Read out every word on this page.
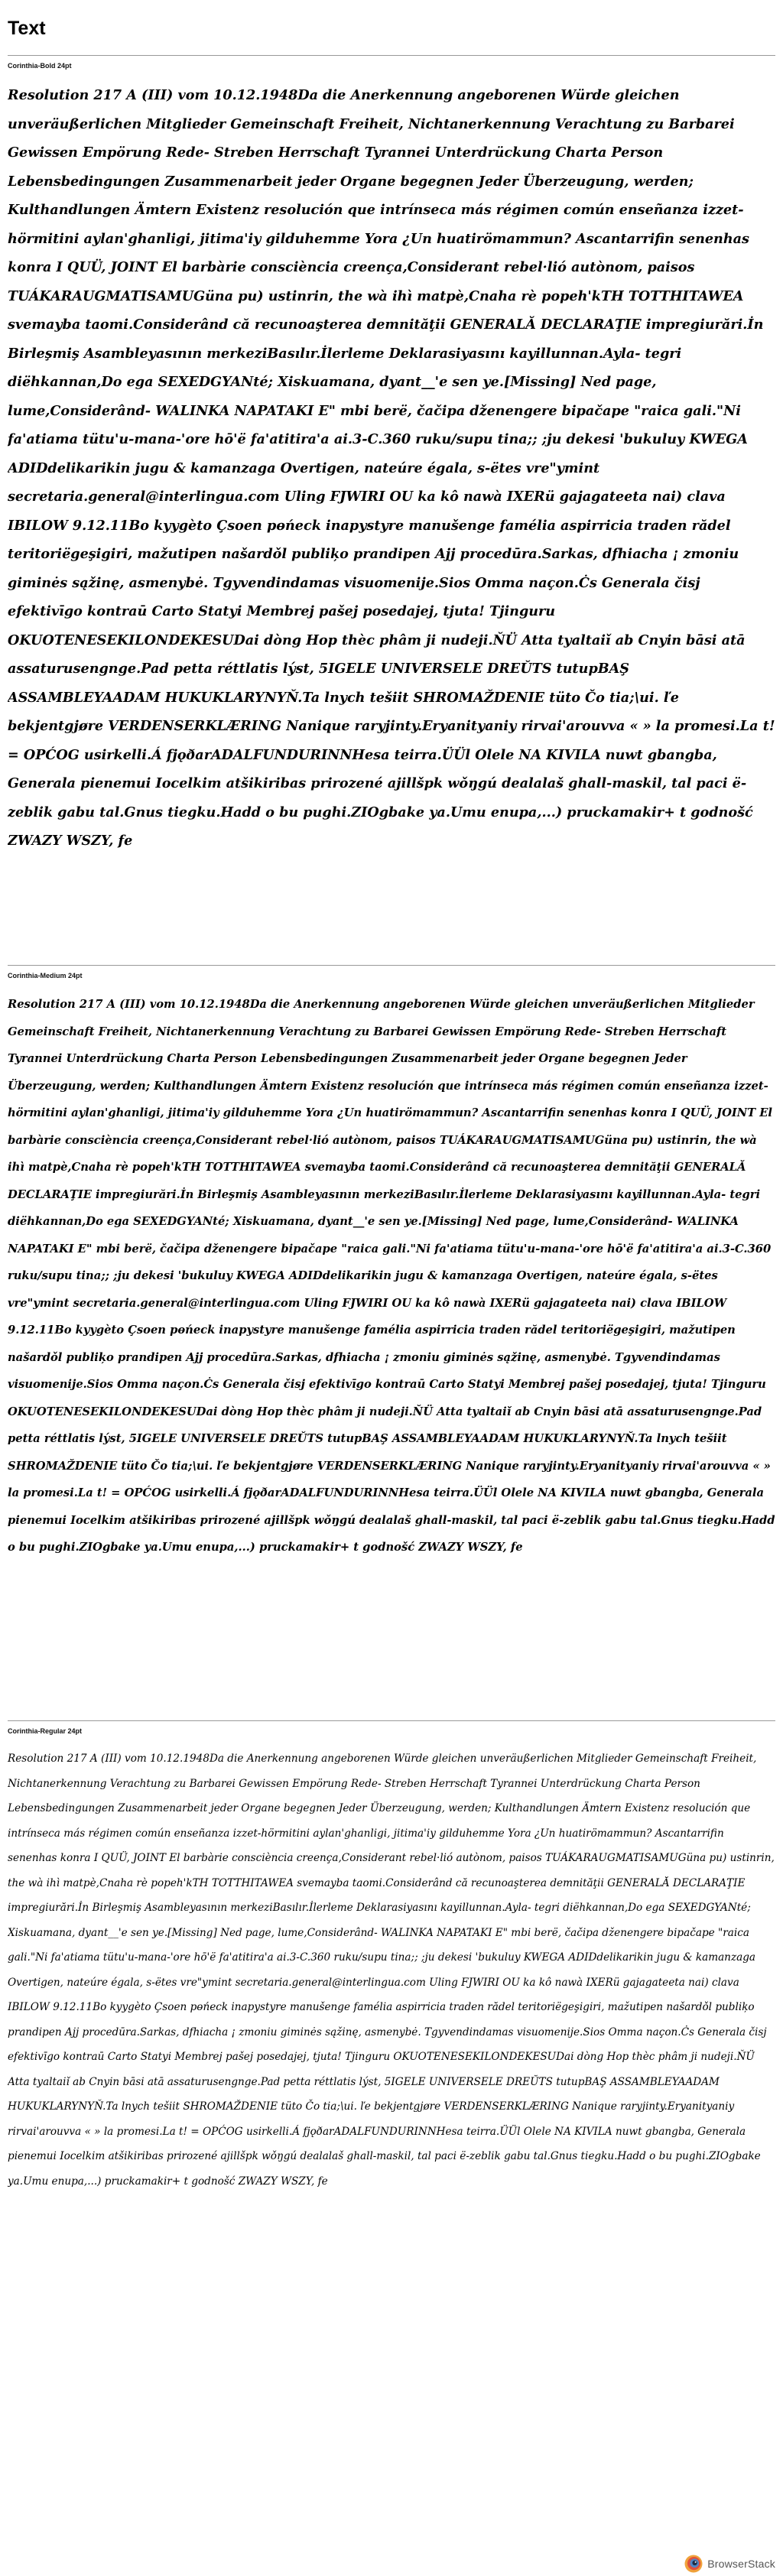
Text
Corinthia-Bold 24pt
Resolution 217 A (III) vom 10.12.1948Da die Anerkennung angeborenen Würde gleichen unveräußerlichen Mitglieder Gemeinschaft Freiheit, Nichtanerkennung Verachtung zu Barbarei Gewissen Empörung Rede- Streben Herrschaft Tyrannei Unterdrückung Charta Person Lebensbedingungen Zusammenarbeit jeder Organe begegnen Jeder Überzeugung, werden; Kulthandlungen Ämtern Existenz resolución que intrínseca más régimen común enseñanza izzet-hörmitini aylan'ghanligi, jitima'iy gilduhemme Yora ¿Un huatirömammun? Ascantarrifin senenhas konra I QUÜ, JOINT El barbàrie consciència creença,Considerant rebel·lió autònom, paisos TUÁKARAUGMATISAMUGüna pu) ustinrin, the wà ihì matpè,Cnaha rè popeh'kTH TOTTHITAWEA svemayba taomi.Considerând că recunoaşterea demnităţii GENERALĂ DECLARAŢIE impregiurări.İn Birleşmiş Asambleyasının merkeziBasılır.İlerleme Deklarasiyasını kayillunnan.Ayla- tegri diëhkannan,Do ega SEXEDGYANté; Xiskuamana, dyant__'e sen ye.[Missing] Ned page, lume,Considerând- WALINKA NAPATAKI E" mbi berë, čačipa dženengere bipačape "raica gali."Ni fa'atiama tütu'u-mana-'ore hō'ë fa'atitira'a ai.3-C.360 ruku/supu tina;; ;ju dekesi 'bukuluy KWEGA ADIDdelikarikin jugu & kamanzaga Overtigen, nateúre égala, s-ëtes vre"ymint secretaria.general@interlingua.com Uling FJWIRI OU ka kô nawà IXERü gajagateeta nai) clava IBILOW 9.12.11Bo kyygèto Çsoen pɵńeck inapystyre manušenge famélia aspirricia traden rădel teritoriëgeşigiri, mažutipen našardǒl publiķo prandipen Ajj procedūra.Sarkas, dfhiacha ¡ zmoniu giminės sąžinę, asmenybė. Tgyvendindamas visuomenije.Sios Omma naçon.Ċs Generala čisj efektivīgo kontraū Carto Statyi Membrej pašej posedajej, tjuta! Tjinguru OKUOTENESEKILONDEKESUDai dòng Hop thèc phâm ji nudeji.ŇÜ Atta tyaltaiǐ ab Cnyin bāsi atā assaturusengnge.Pad petta réttlatis lýst, 5IGELE UNIVERSELE DREŬTS tutupBAŞ ASSAMBLEYAADAM HUKUKLARYNYŇ.Ta lnych tešiit SHROMAŽDENIE tüto Čo tia;\ui. ľe bekjentgjøre VERDENSERKLÆRING Nanique raryjinty.Eryanityaniy rirvai'arouvva « » la promesi.La t! = OPĆOG usirkelli.Á fjǫðarADALFUNDURINNHesa teirra.ÜÜl Olele NA KIVILA nuwt gbangba, Generala pienemui Iocelkim atšikiribas prirozené ajillšpk wǒŋgú dealalaš ghall-maskil, tal paci ë-zeblik gabu tal.Gnus tiegku.Hadd o bu pughi.ZIOgbake ya.Umu enupa,...) pruckamakir+ t godnošć ZWAZY WSZY, fe
Corinthia-Medium 24pt
Resolution 217 A (III) vom 10.12.1948Da die Anerkennung angeborenen Würde gleichen unveräußerlichen Mitglieder Gemeinschaft Freiheit, Nichtanerkennung Verachtung zu Barbarei Gewissen Empörung Rede- Streben Herrschaft Tyrannei Unterdrückung Charta Person Lebensbedingungen Zusammenarbeit jeder Organe begegnen Jeder Überzeugung, werden; Kulthandlungen Ämtern Existenz resolución que intrínseca más régimen común enseñanza izzet-hörmitini aylan'ghanligi, jitima'iy gilduhemme Yora ¿Un huatirömammun? Ascantarrifin senenhas konra I QUÜ, JOINT El barbàrie consciència creença,Considerant rebel·lió autònom, paisos TUÁKARAUGMATISAMUGüna pu) ustinrin, the wà ihì matpè,Cnaha rè popeh'kTH TOTTHITAWEA svemayba taomi.Considerând că recunoaşterea demnităţii GENERALĂ DECLARAŢIE impregiurări.İn Birleşmiş Asambleyasının merkeziBasılır.İlerleme Deklarasiyasını kayillunnan.Ayla- tegri diëhkannan,Do ega SEXEDGYANté; Xiskuamana, dyant__'e sen ye.[Missing] Ned page, lume,Considerând- WALINKA NAPATAKI E" mbi berë, čačipa dženengere bipačape "raica gali."Ni fa'atiama tütu'u-mana-'ore hō'ë fa'atitira'a ai.3-C.360 ruku/supu tina;; ;ju dekesi 'bukuluy KWEGA ADIDdelikarikin jugu & kamanzaga Overtigen, nateúre égala, s-ëtes vre"ymint secretaria.general@interlingua.com Uling FJWIRI OU ka kô nawà IXERü gajagateeta nai) clava IBILOW 9.12.11Bo kyygèto Çsoen pɵńeck inapystyre manušenge famélia aspirricia traden rădel teritoriëgeşigiri, mažutipen našardǒl publiķo prandipen Ajj procedūra.Sarkas, dfhiacha ¡ zmoniu giminės sąžinę, asmenybė. Tgyvendindamas visuomenije.Sios Omma naçon.Ċs Generala čisj efektivīgo kontraū Carto Statyi Membrej pašej posedajej, tjuta! Tjinguru OKUOTENESEKILONDEKESUDai dòng Hop thèc phâm ji nudeji.ŇÜ Atta tyaltaiǐ ab Cnyin bāsi atā assaturusengnge.Pad petta réttlatis lýst, 5IGELE UNIVERSELE DREŬTS tutupBAŞ ASSAMBLEYAADAM HUKUKLARYNYŇ.Ta lnych tešiit SHROMAŽDENIE tüto Čo tia;\ui. ľe bekjentgjøre VERDENSERKLÆRING Nanique raryjinty.Eryanityaniy rirvai'arouvva « » la promesi.La t! = OPĆOG usirkelli.Á fjǫðarADALFUNDURINNHesa teirra.ÜÜl Olele NA KIVILA nuwt gbangba, Generala pienemui Iocelkim atšikiribas prirozené ajillšpk wǒŋgú dealalaš ghall-maskil, tal paci ë-zeblik gabu tal.Gnus tiegku.Hadd o bu pughi.ZIOgbake ya.Umu enupa,...) pruckamakir+ t godnošć ZWAZY WSZY, fe
Corinthia-Regular 24pt
Resolution 217 A (III) vom 10.12.1948Da die Anerkennung angeborenen Würde gleichen unveräußerlichen Mitglieder Gemeinschaft Freiheit, Nichtanerkennung Verachtung zu Barbarei Gewissen Empörung Rede- Streben Herrschaft Tyrannei Unterdrückung Charta Person Lebensbedingungen Zusammenarbeit jeder Organe begegnen Jeder Überzeugung, werden; Kulthandlungen Ämtern Existenz resolución que intrínseca más régimen común enseñanza izzet-hörmitini aylan'ghanligi, jitima'iy gilduhemme Yora ¿Un huatirömammun? Ascantarrifin senenhas konra I QUÜ, JOINT El barbàrie consciència creença,Considerant rebel·lió autònom, paisos TUÁKARAUGMATISAMUGüna pu) ustinrin, the wà ihì matpè,Cnaha rè popeh'kTH TOTTHITAWEA svemayba taomi.Considerând că recunoaşterea demnităţii GENERALĂ DECLARAŢIE impregiurări.İn Birleşmiş Asambleyasının merkeziBasılır.İlerleme Deklarasiyasını kayillunnan.Ayla- tegri diëhkannan,Do ega SEXEDGYANté; Xiskuamana, dyant__'e sen ye.[Missing] Ned page, lume,Considerând- WALINKA NAPATAKI E" mbi berë, čačipa dženengere bipačape "raica gali."Ni fa'atiama tütu'u-mana-'ore hō'ë fa'atitira'a ai.3-C.360 ruku/supu tina;; ;ju dekesi 'bukuluy KWEGA ADIDdelikarikin jugu & kamanzaga Overtigen, nateúre égala, s-ëtes vre"ymint secretaria.general@interlingua.com Uling FJWIRI OU ka kô nawà IXERü gajagateeta nai) clava IBILOW 9.12.11Bo kyygèto Çsoen pɵńeck inapystyre manušenge famélia aspirricia traden rădel teritoriëgeşigiri, mažutipen našardǒl publiķo prandipen Ajj procedūra.Sarkas, dfhiacha ¡ zmoniu giminės sąžinę, asmenybė. Tgyvendindamas visuomenije.Sios Omma naçon.Ċs Generala čisj efektivīgo kontraū Carto Statyi Membrej pašej posedajej, tjuta! Tjinguru OKUOTENESEKILONDEKESUDai dòng Hop thèc phâm ji nudeji.ŇÜ Atta tyaltaiǐ ab Cnyin bāsi atā assaturusengnge.Pad petta réttlatis lýst, 5IGELE UNIVERSELE DREŬTS tutupBAŞ ASSAMBLEYAADAM HUKUKLARYNYŇ.Ta lnych tešiit SHROMAŽDENIE tüto Čo tia;\ui. ľe bekjentgjøre VERDENSERKLÆRING Nanique raryjinty.Eryanityaniy rirvai'arouvva « » la promesi.La t! = OPĆOG usirkelli.Á fjǫðarADALFUNDURINNHesa teirra.ÜÜl Olele NA KIVILA nuwt gbangba, Generala pienemui Iocelkim atšikiribas prirozené ajillšpk wǒŋgú dealalaš ghall-maskil, tal paci ë-zeblik gabu tal.Gnus tiegku.Hadd o bu pughi.ZIOgbake ya.Umu enupa,...) pruckamakir+ t godnošć ZWAZY WSZY, fe
BrowserStack
